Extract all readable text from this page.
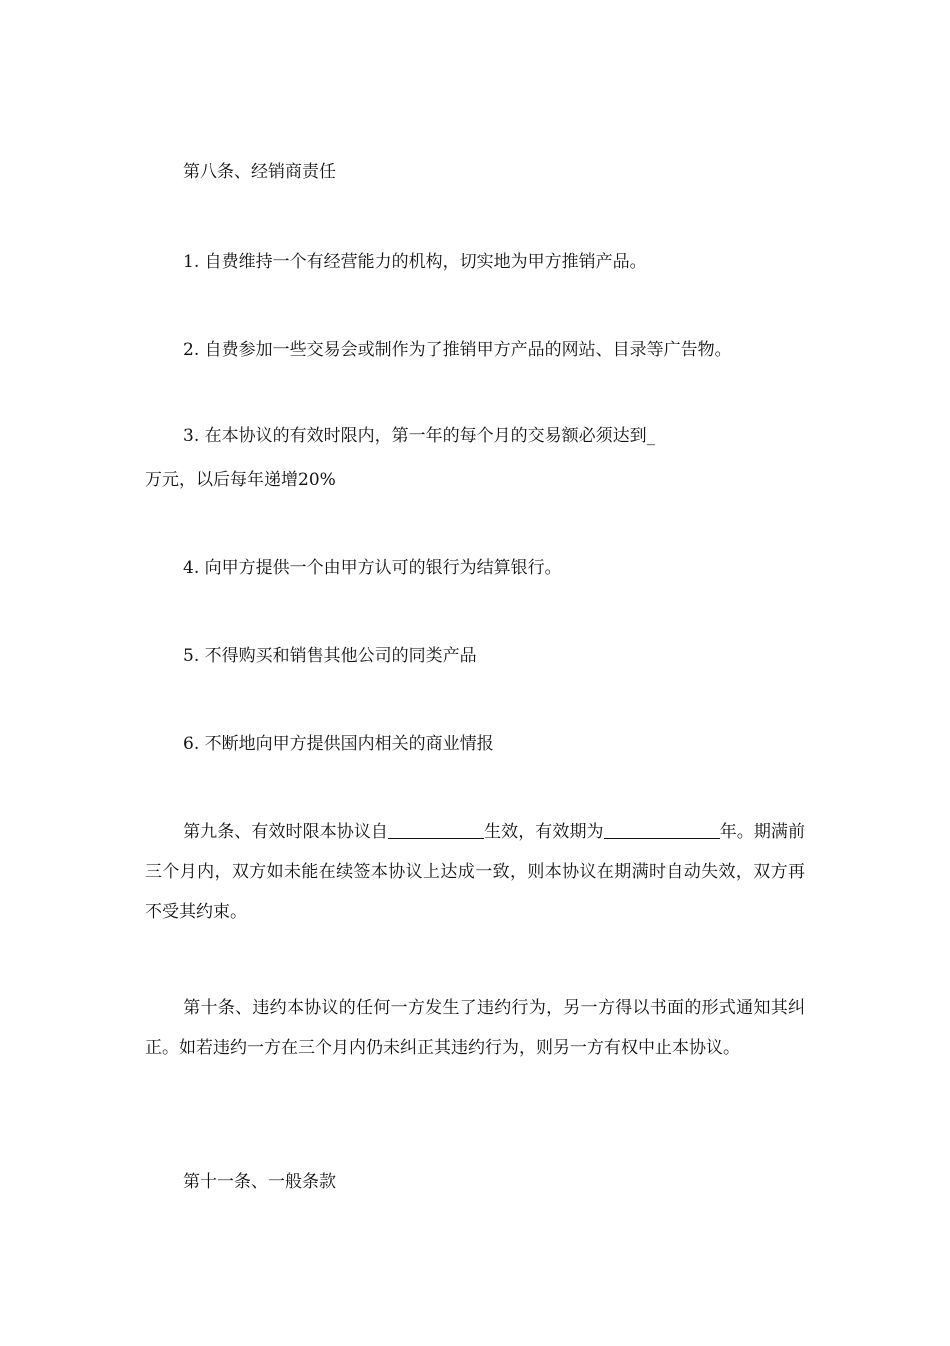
第八条、经销商责任
1. 自费维持一个有经营能力的机构，切实地为甲方推销产品。
2. 自费参加一些交易会或制作为了推销甲方产品的网站、目录等广告物。
3. 在本协议的有效时限内，第一年的每个月的交易额必须达到_
万元，以后每年递增20%
4. 向甲方提供一个由甲方认可的银行为结算银行。
5. 不得购买和销售其他公司的同类产品
6. 不断地向甲方提供国内相关的商业情报
第九条、有效时限本协议自	生效，有效期为	年。期满前三个月内，双方如未能在续签本协议上达成一致，则本协议在期满时自动失效，双方再不受其约束。
第十条、违约本协议的任何一方发生了违约行为，另一方得以书面的形式通知其纠正。如若违约一方在三个月内仍未纠正其违约行为，则另一方有权中止本协议。
第十一条、一般条款
